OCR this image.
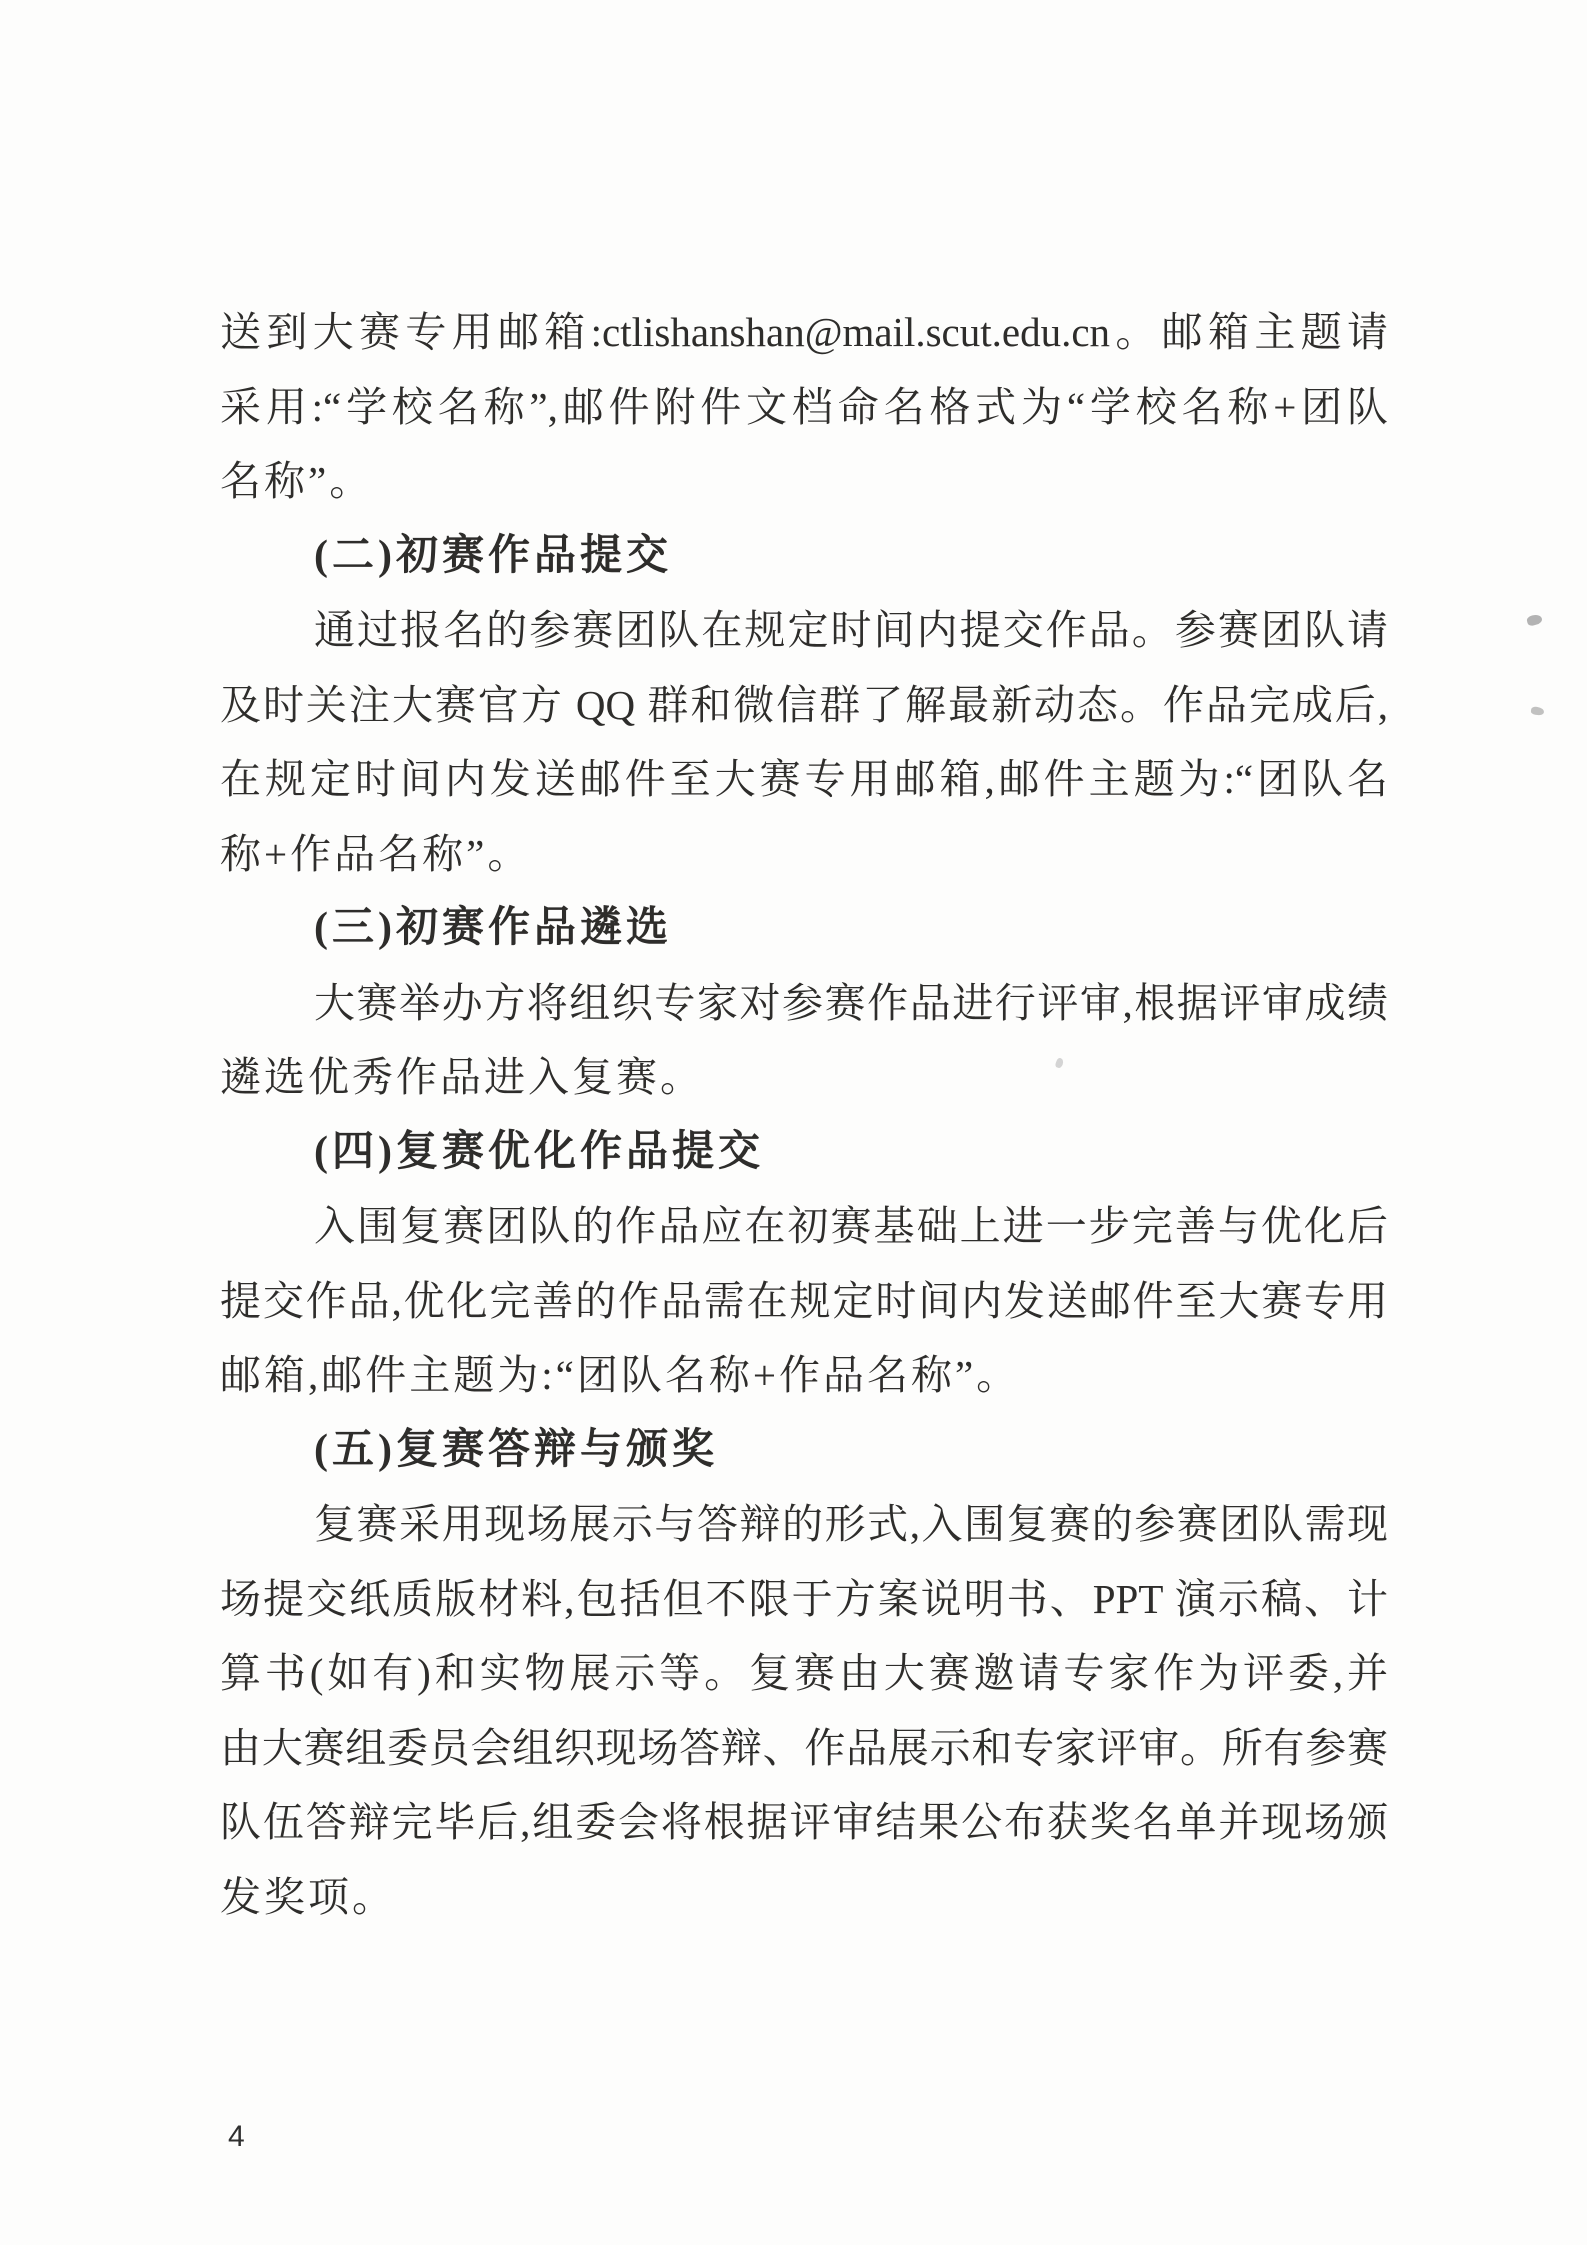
送到大赛专用邮箱:ctlishanshan@mail.scut.edu.cn。邮箱主题请
采用:“学校名称”,邮件附件文档命名格式为“学校名称+团队
名称”。
(二)初赛作品提交
通过报名的参赛团队在规定时间内提交作品。参赛团队请
及时关注大赛官方 QQ 群和微信群了解最新动态。作品完成后,
在规定时间内发送邮件至大赛专用邮箱,邮件主题为:“团队名
称+作品名称”。
(三)初赛作品遴选
大赛举办方将组织专家对参赛作品进行评审,根据评审成绩
遴选优秀作品进入复赛。
(四)复赛优化作品提交
入围复赛团队的作品应在初赛基础上进一步完善与优化后
提交作品,优化完善的作品需在规定时间内发送邮件至大赛专用
邮箱,邮件主题为:“团队名称+作品名称”。
(五)复赛答辩与颁奖
复赛采用现场展示与答辩的形式,入围复赛的参赛团队需现
场提交纸质版材料,包括但不限于方案说明书、PPT 演示稿、计
算书(如有)和实物展示等。复赛由大赛邀请专家作为评委,并
由大赛组委员会组织现场答辩、作品展示和专家评审。所有参赛
队伍答辩完毕后,组委会将根据评审结果公布获奖名单并现场颁
发奖项。
4
